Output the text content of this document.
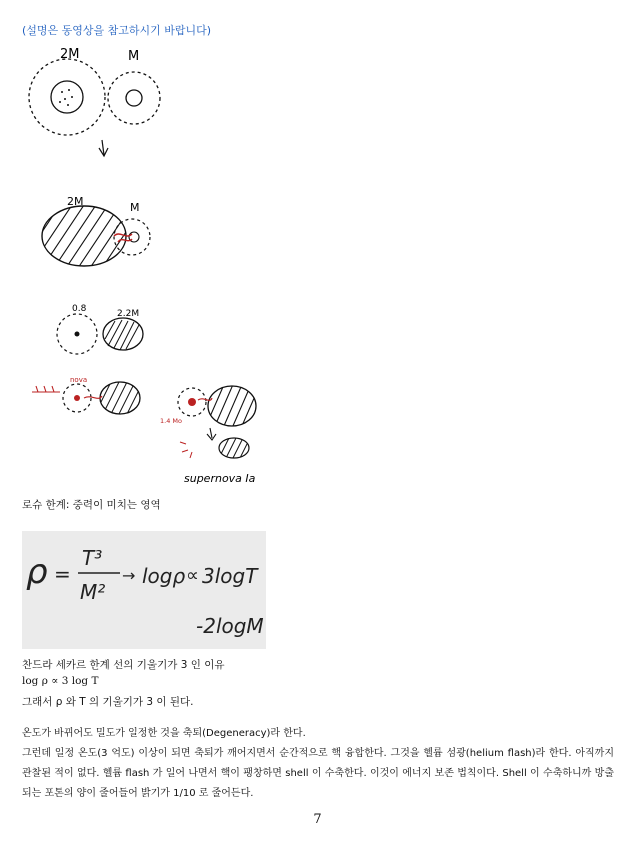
(설명은 동영상을 참고하시기 바랍니다)
2M	M
2M	M
0.8	2.2M
nova
1.4 Mo
supernova Ia
로슈 한계: 중력이 미치는 영역
ρ =
T³
M²
→ logρ ∝ 3logT
-2logM
찬드라 세카르 한계 선의 기울기가 3 인 이유
log ρ ∝ 3 log T
그래서 ρ 와 T 의 기울기가 3 이 된다.
온도가 바뀌어도 밀도가 일정한 것을 축퇴(Degeneracy)라 한다.
그런데 일정 온도(3 억도) 이상이 되면 축퇴가 깨어지면서 순간적으로 핵 융합한다. 그것을 헬륨 섬광(helium flash)라 한다. 아직까지 관찰된 적이 없다. 헬륨 flash 가 일어 나면서 핵이 팽창하면 shell 이 수축한다. 이것이 에너지 보존 법칙이다. Shell 이 수축하니까 방출되는 포톤의 양이 줄어들어 밝기가 1/10 로 줄어든다.
7
